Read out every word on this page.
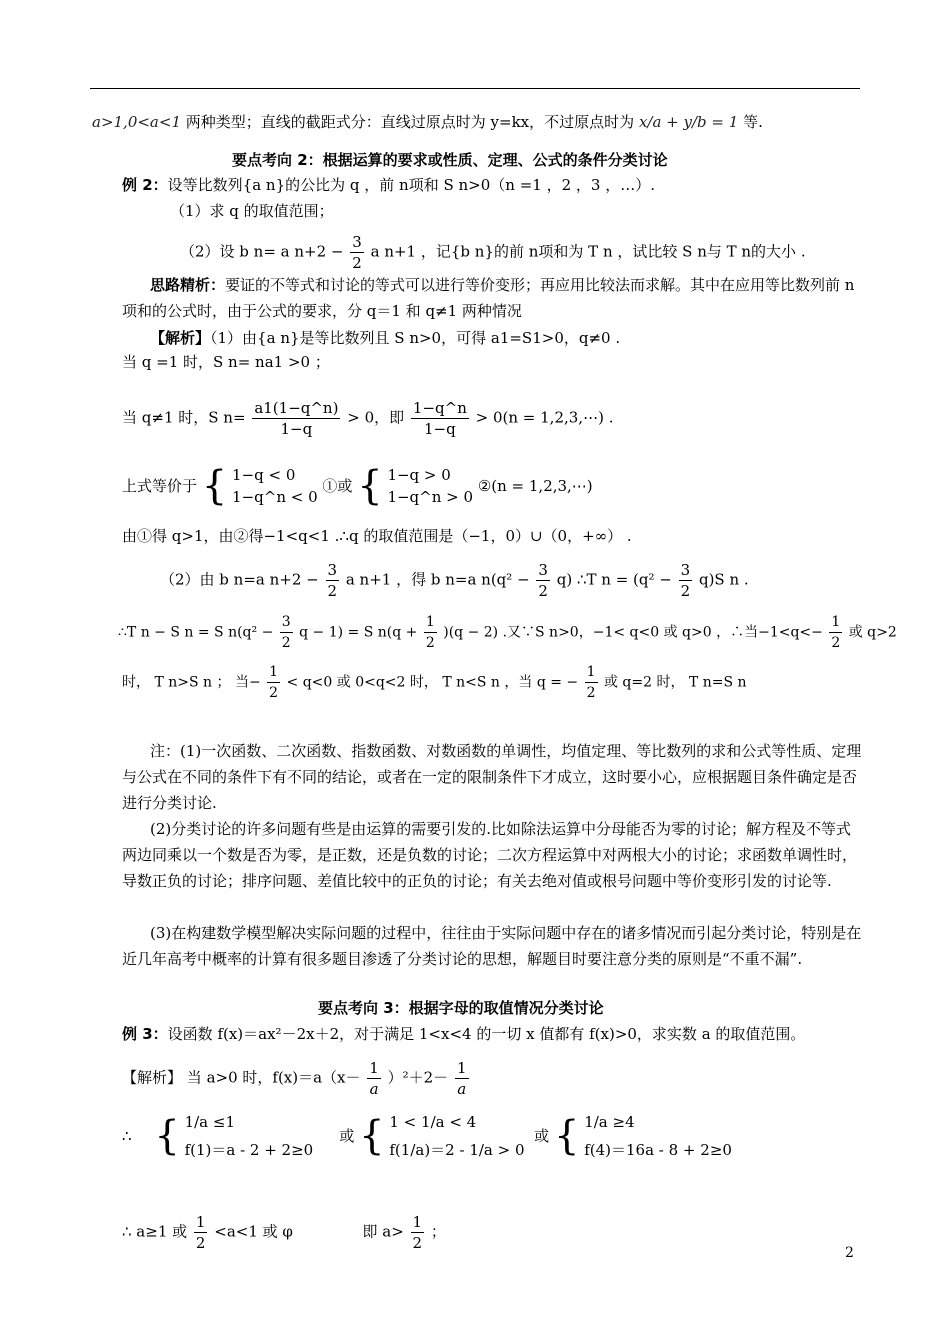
a>1,0<a<1 两种类型；直线的截距式分：直线过原点时为 y=kx，不过原点时为 x/a + y/b = 1 等.
要点考向 2：根据运算的要求或性质、定理、公式的条件分类讨论
例 2：设等比数列{a n}的公比为 q ，前 n项和 S n>0（n =1 ，2 ，3 ，…）.
（1）求 q 的取值范围；
（2）设 b n= a $n+2 - \frac{3}{2}$ a n+1 ，记{b n}的前 n项和为 T n ，试比较 S n与 T n的大小 .
思路精析：要证的不等式和讨论的等式可以进行等价变形；再应用比较法而求解。其中在应用等比数列前 n 项和的公式时，由于公式的要求，分 q＝1 和 q≠1 两种情况
【解析】（1）由{a n}是等比数列且 S n>0，可得 a1=S1>0，q≠0 .
当 q =1 时，S n= na1 >0 ；
当 q≠1 时，S $n= \frac{a1(1-q\^{}n)}{1-q} > 0$，即 $\frac{1-q\^{}n}{1-q} > 0(n$ = 1,2,3,⋯) .
上式等价于 { 1−q < 0
1−q^n < 0
①或 { 1−q > 0
1−q^n > 0
②(n = 1,2,3,⋯)
由①得 q>1，由②得−1<q<1 .∴q 的取值范围是（−1，0）∪（0，+∞） .
（2）由 b n=a $n+2 - \frac{3}{2}$ a n+1 ，得 b n=a $n(q^2 - \frac{3}{2} q)$ ∴T $n = (q^2 - \frac{3}{2} q)S$ n .
∴T n − S n = S $n(q^2 - \frac{3}{2}$ q − 1) = S $n(q + \frac{1}{2} )(q - 2)$ .又∵S n>0，−1< q<0 或 q>0 ，∴当$-1<q<- \frac{1}{2}$ 或 q>2
时， T n>S n ； 当− $\frac{1}{2} < q<0$ 或 0<q<2 时， T n<S n ，当 q = − $\frac{1}{2}$ 或 q=2 时， T n=S n
注：(1)一次函数、二次函数、指数函数、对数函数的单调性，均值定理、等比数列的求和公式等性质、定理与公式在不同的条件下有不同的结论，或者在一定的限制条件下才成立，这时要小心，应根据题目条件确定是否进行分类讨论.
(2)分类讨论的许多问题有些是由运算的需要引发的.比如除法运算中分母能否为零的讨论；解方程及不等式两边同乘以一个数是否为零，是正数，还是负数的讨论；二次方程运算中对两根大小的讨论；求函数单调性时，导数正负的讨论；排序问题、差值比较中的正负的讨论；有关去绝对值或根号问题中等价变形引发的讨论等.
(3)在构建数学模型解决实际问题的过程中，往往由于实际问题中存在的诸多情况而引起分类讨论，特别是在近几年高考中概率的计算有很多题目渗透了分类讨论的思想，解题目时要注意分类的原则是“不重不漏”.
要点考向 3：根据字母的取值情况分类讨论
例 3：设函数 f(x)＝ax²－2x＋2，对于满足 1<x<4 的一切 x 值都有 f(x)>0，求实数 a 的取值范围。
【解析】 当 a>0 时，$f(x)=a(x- \frac{1}{a} )^2+2- \frac{1}{a}$
∴ { 1/a ≤1
f(1)＝a - 2 + 2≥0
或 { 1 < 1/a < 4
f(1/a)＝2 - 1/a > 0
或 { 1/a ≥4
f(4)＝16a - 8 + 2≥0
∴ a≥1 或 $\frac{1}{2} <a<1$ 或 φ	即 $a> \frac{1}{2}$ ；
2
